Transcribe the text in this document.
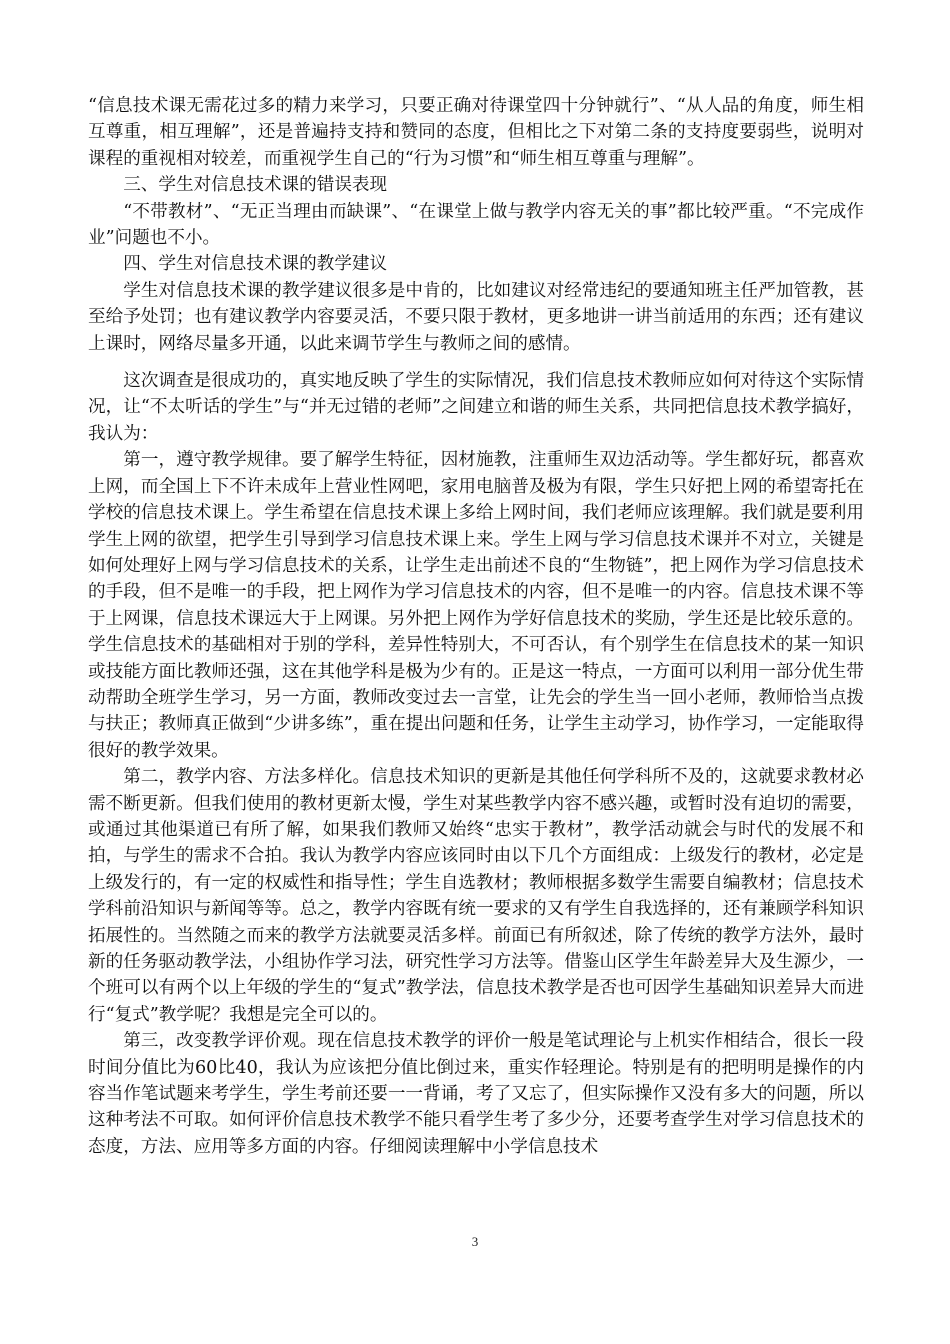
“信息技术课无需花过多的精力来学习，只要正确对待课堂四十分钟就行”、“从人品的角度，师生相互尊重，相互理解”，还是普遍持支持和赞同的态度，但相比之下对第二条的支持度要弱些，说明对课程的重视相对较差，而重视学生自己的“行为习惯”和“师生相互尊重与理解”。

三、学生对信息技术课的错误表现

“不带教材”、“无正当理由而缺课”、“在课堂上做与教学内容无关的事”都比较严重。“不完成作业”问题也不小。

四、学生对信息技术课的教学建议

学生对信息技术课的教学建议很多是中肯的，比如建议对经常违纪的要通知班主任严加管教，甚至给予处罚；也有建议教学内容要灵活，不要只限于教材，更多地讲一讲当前适用的东西；还有建议上课时，网络尽量多开通，以此来调节学生与教师之间的感情。

这次调查是很成功的，真实地反映了学生的实际情况，我们信息技术教师应如何对待这个实际情况，让“不太听话的学生”与“并无过错的老师”之间建立和谐的师生关系，共同把信息技术教学搞好，我认为：

第一，遵守教学规律。要了解学生特征，因材施教，注重师生双边活动等。学生都好玩，都喜欢上网，而全国上下不许未成年上营业性网吧，家用电脑普及极为有限，学生只好把上网的希望寄托在学校的信息技术课上。学生希望在信息技术课上多给上网时间，我们老师应该理解。我们就是要利用学生上网的欲望，把学生引导到学习信息技术课上来。学生上网与学习信息技术课并不对立，关键是如何处理好上网与学习信息技术的关系，让学生走出前述不良的“生物链”，把上网作为学习信息技术的手段，但不是唯一的手段，把上网作为学习信息技术的内容，但不是唯一的内容。信息技术课不等于上网课，信息技术课远大于上网课。另外把上网作为学好信息技术的奖励，学生还是比较乐意的。学生信息技术的基础相对于别的学科，差异性特别大，不可否认，有个别学生在信息技术的某一知识或技能方面比教师还强，这在其他学科是极为少有的。正是这一特点，一方面可以利用一部分优生带动帮助全班学生学习，另一方面，教师改变过去一言堂，让先会的学生当一回小老师，教师恰当点拨与扶正；教师真正做到“少讲多练”，重在提出问题和任务，让学生主动学习，协作学习，一定能取得很好的教学效果。

第二，教学内容、方法多样化。信息技术知识的更新是其他任何学科所不及的，这就要求教材必需不断更新。但我们使用的教材更新太慢，学生对某些教学内容不感兴趣，或暂时没有迫切的需要，或通过其他渠道已有所了解，如果我们教师又始终“忠实于教材”，教学活动就会与时代的发展不和拍，与学生的需求不合拍。我认为教学内容应该同时由以下几个方面组成：上级发行的教材，必定是上级发行的，有一定的权威性和指导性；学生自选教材；教师根据多数学生需要自编教材；信息技术学科前沿知识与新闻等等。总之，教学内容既有统一要求的又有学生自我选择的，还有兼顾学科知识拓展性的。当然随之而来的教学方法就要灵活多样。前面已有所叙述，除了传统的教学方法外，最时新的任务驱动教学法，小组协作学习法，研究性学习方法等。借鉴山区学生年龄差异大及生源少，一个班可以有两个以上年级的学生的“复式”教学法，信息技术教学是否也可因学生基础知识差异大而进行“复式”教学呢？我想是完全可以的。

第三，改变教学评价观。现在信息技术教学的评价一般是笔试理论与上机实作相结合，很长一段时间分值比为60比40，我认为应该把分值比倒过来，重实作轻理论。特别是有的把明明是操作的内容当作笔试题来考学生，学生考前还要一一背诵，考了又忘了，但实际操作又没有多大的问题，所以这种考法不可取。如何评价信息技术教学不能只看学生考了多少分，还要考查学生对学习信息技术的态度，方法、应用等多方面的内容。仔细阅读理解中小学信息技术

3
